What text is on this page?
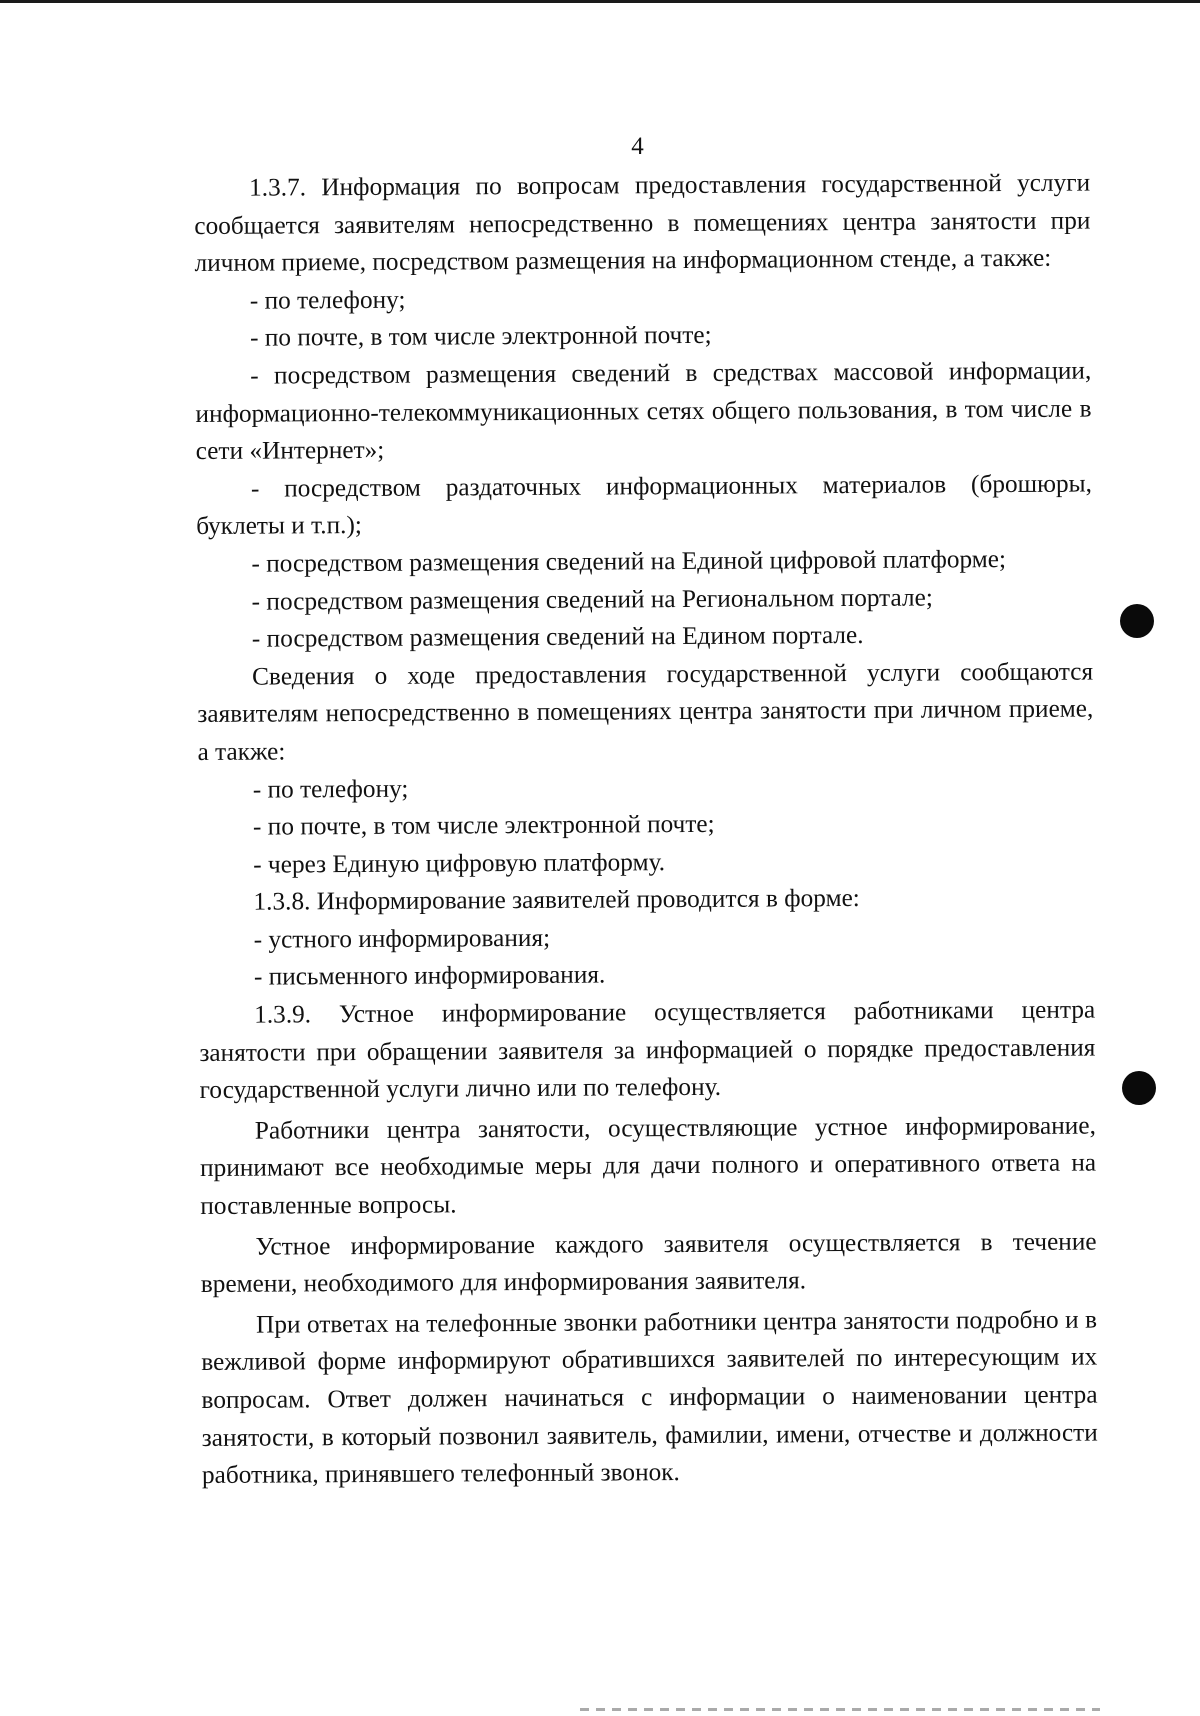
4

1.3.7. Информация по вопросам предоставления государственной услуги сообщается заявителям непосредственно в помещениях центра занятости при личном приеме, посредством размещения на информационном стенде, а также:

- по телефону;

- по почте, в том числе электронной почте;

- посредством размещения сведений в средствах массовой информации, информационно-телекоммуникационных сетях общего пользования, в том числе в сети «Интернет»;

- посредством раздаточных информационных материалов (брошюры, буклеты и т.п.);

- посредством размещения сведений на Единой цифровой платформе;

- посредством размещения сведений на Региональном портале;

- посредством размещения сведений на Едином портале.

Сведения о ходе предоставления государственной услуги сообщаются заявителям непосредственно в помещениях центра занятости при личном приеме, а также:

- по телефону;

- по почте, в том числе электронной почте;

- через Единую цифровую платформу.

1.3.8. Информирование заявителей проводится в форме:

- устного информирования;

- письменного информирования.

1.3.9. Устное информирование осуществляется работниками центра занятости при обращении заявителя за информацией о порядке предоставления государственной услуги лично или по телефону.

Работники центра занятости, осуществляющие устное информирование, принимают все необходимые меры для дачи полного и оперативного ответа на поставленные вопросы.

Устное информирование каждого заявителя осуществляется в течение времени, необходимого для информирования заявителя.

При ответах на телефонные звонки работники центра занятости подробно и в вежливой форме информируют обратившихся заявителей по интересующим их вопросам. Ответ должен начинаться с информации о наименовании центра занятости, в который позвонил заявитель, фамилии, имени, отчестве и должности работника, принявшего телефонный звонок.
